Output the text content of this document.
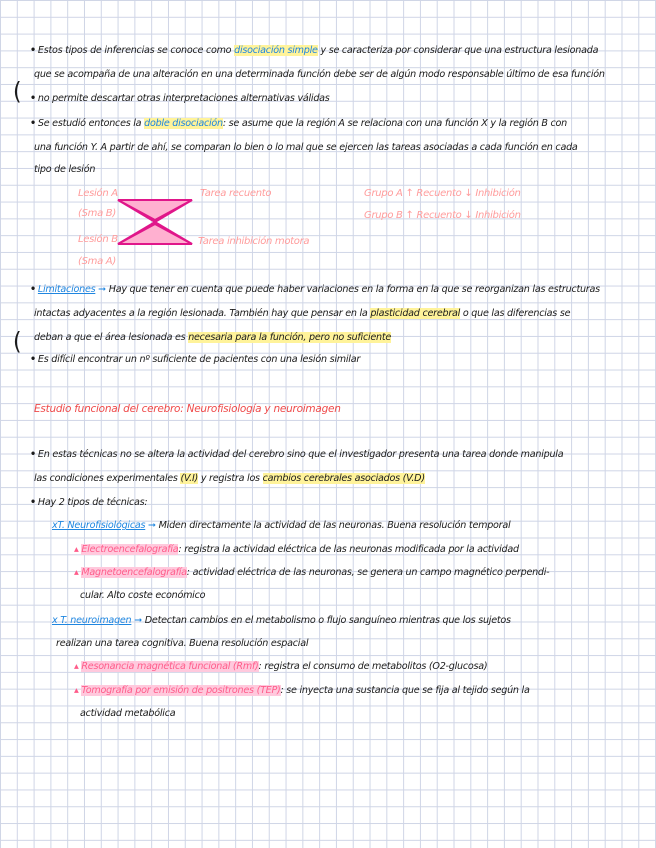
• Estos tipos de inferencias se conoce como disociación simple y se caracteriza por considerar que una estructura lesionada
que se acompaña de una alteración en una determinada función debe ser de algún modo responsable último de esa función
( • no permite descartar otras interpretaciones alternativas válidas
• Se estudió entonces la doble disociación: se asume que la región A se relaciona con una función X y la región B con
una función Y. A partir de ahí, se comparan lo bien o lo mal que se ejercen las tareas asociadas a cada función en cada
tipo de lesión
Lesión A
(Sma B)
Lesión B
(Sma A)
Tarea recuento
Tarea inhibición motora
Grupo A ↑ Recuento ↓ Inhibición
Grupo B ↑ Recuento ↓ Inhibición
• Limitaciones ➞ Hay que tener en cuenta que puede haber variaciones en la forma en la que se reorganizan las estructuras
intactas adyacentes a la región lesionada. También hay que pensar en la plasticidad cerebral o que las diferencias se
( deban a que el área lesionada es necesaria para la función, pero no suficiente
• Es difícil encontrar un nº suficiente de pacientes con una lesión similar
Estudio funcional del cerebro: Neurofisiología y neuroimagen
• En estas técnicas no se altera la actividad del cerebro sino que el investigador presenta una tarea donde manipula
las condiciones experimentales (V.I) y registra los cambios cerebrales asociados (V.D)
• Hay 2 tipos de técnicas:
xT. Neurofisiológicas ➞ Miden directamente la actividad de las neuronas. Buena resolución temporal
▴ Electroencefalografía: registra la actividad eléctrica de las neuronas modificada por la actividad
▴ Magnetoencefalografía: actividad eléctrica de las neuronas, se genera un campo magnético perpendi-
cular. Alto coste económico
x T. neuroimagen ➞ Detectan cambios en el metabolismo o flujo sanguíneo mientras que los sujetos
realizan una tarea cognitiva. Buena resolución espacial
▴ Resonancia magnética funcional (Rmf): registra el consumo de metabolitos (O2-glucosa)
▴ Tomografía por emisión de positrones (TEP): se inyecta una sustancia que se fija al tejido según la
actividad metabólica
